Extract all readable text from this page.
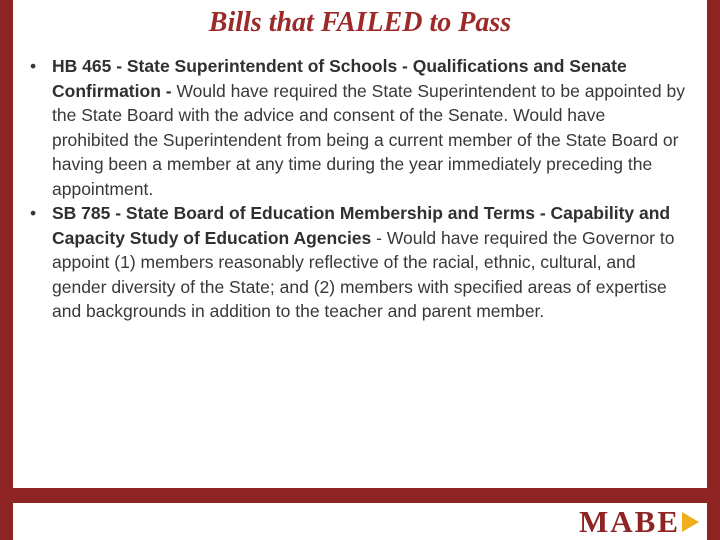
Bills that FAILED to Pass
• HB 465 - State Superintendent of Schools - Qualifications and Senate Confirmation - Would have required the State Superintendent to be appointed by the State Board with the advice and consent of the Senate. Would have prohibited the Superintendent from being a current member of the State Board or having been a member at any time during the year immediately preceding the appointment.

• SB 785 - State Board of Education Membership and Terms - Capability and Capacity Study of Education Agencies - Would have required the Governor to appoint (1) members reasonably reflective of the racial, ethnic, cultural, and gender diversity of the State; and (2) members with specified areas of expertise and backgrounds in addition to the teacher and parent member.

MABE
